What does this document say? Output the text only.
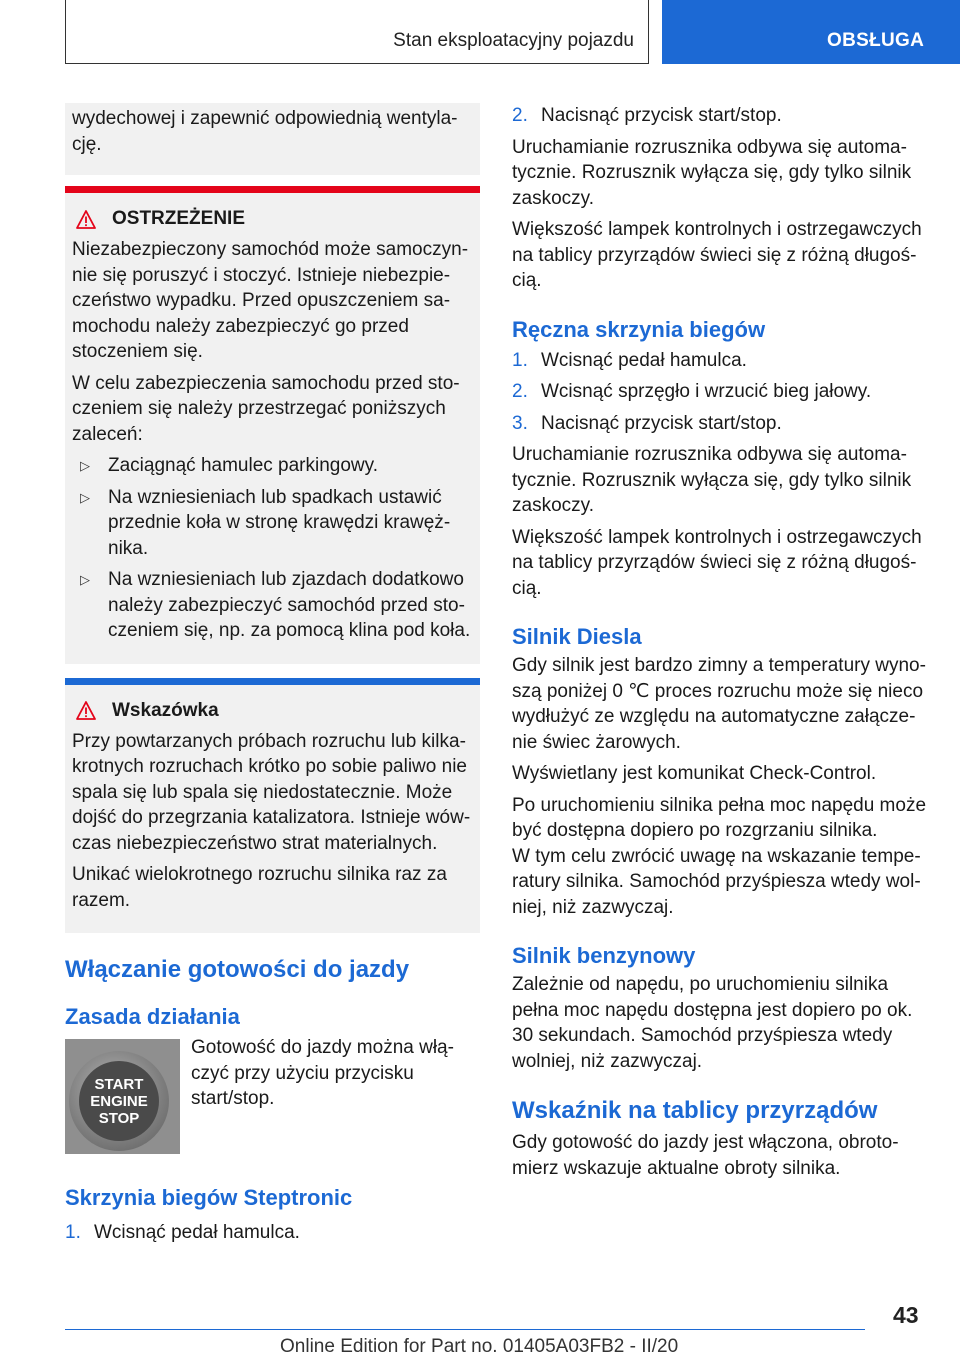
Stan eksploatacyjny pojazdu	OBSŁUGA

wydechowej i zapewnić odpowiednią wentylację.

OSTRZEŻENIE

Niezabezpieczony samochód może samoczynnie się poruszyć i stoczyć. Istnieje niebezpieczeństwo wypadku. Przed opuszczeniem samochodu należy zabezpieczyć go przed stoczeniem się.

W celu zabezpieczenia samochodu przed stoczeniem się należy przestrzegać poniższych zaleceń:

▷ Zaciągnąć hamulec parkingowy.
▷ Na wzniesieniach lub spadkach ustawić przednie koła w stronę krawędzi krawężnika.
▷ Na wzniesieniach lub zjazdach dodatkowo należy zabezpieczyć samochód przed stoczeniem się, np. za pomocą klina pod koła.
Wskazówka

Przy powtarzanych próbach rozruchu lub kilkakrotnych rozruchach krótko po sobie paliwo nie spala się lub spala się niedostatecznie. Może dojść do przegrzania katalizatora. Istnieje wówczas niebezpieczeństwo strat materialnych.

Unikać wielokrotnego rozruchu silnika raz za razem.

Włączanie gotowości do jazdy
Zasada działania
START
ENGINE
STOP

Gotowość do jazdy można włączyć przy użyciu przycisku start/stop.

Skrzynia biegów Steptronic
1. Wcisnąć pedał hamulca.
2. Nacisnąć przycisk start/stop.

Uruchamianie rozrusznika odbywa się automatycznie. Rozrusznik wyłącza się, gdy tylko silnik zaskoczy.

Większość lampek kontrolnych i ostrzegawczych na tablicy przyrządów świeci się z różną długością.

Ręczna skrzynia biegów
1. Wcisnąć pedał hamulca.
2. Wcisnąć sprzęgło i wrzucić bieg jałowy.
3. Nacisnąć przycisk start/stop.

Uruchamianie rozrusznika odbywa się automatycznie. Rozrusznik wyłącza się, gdy tylko silnik zaskoczy.

Większość lampek kontrolnych i ostrzegawczych na tablicy przyrządów świeci się z różną długością.

Silnik Diesla

Gdy silnik jest bardzo zimny a temperatury wynoszą poniżej 0 ℃ proces rozruchu może się nieco wydłużyć ze względu na automatyczne załączenie świec żarowych.

Wyświetlany jest komunikat Check-Control.

Po uruchomieniu silnika pełna moc napędu może być dostępna dopiero po rozgrzaniu silnika.

W tym celu zwrócić uwagę na wskazanie temperatury silnika. Samochód przyśpiesza wtedy wolniej, niż zazwyczaj.

Silnik benzynowy

Zależnie od napędu, po uruchomieniu silnika pełna moc napędu dostępna jest dopiero po ok. 30 sekundach. Samochód przyśpiesza wtedy wolniej, niż zazwyczaj.

Wskaźnik na tablicy przyrządów

Gdy gotowość do jazdy jest włączona, obrotomierz wskazuje aktualne obroty silnika.

43
Online Edition for Part no. 01405A03FB2 - II/20
